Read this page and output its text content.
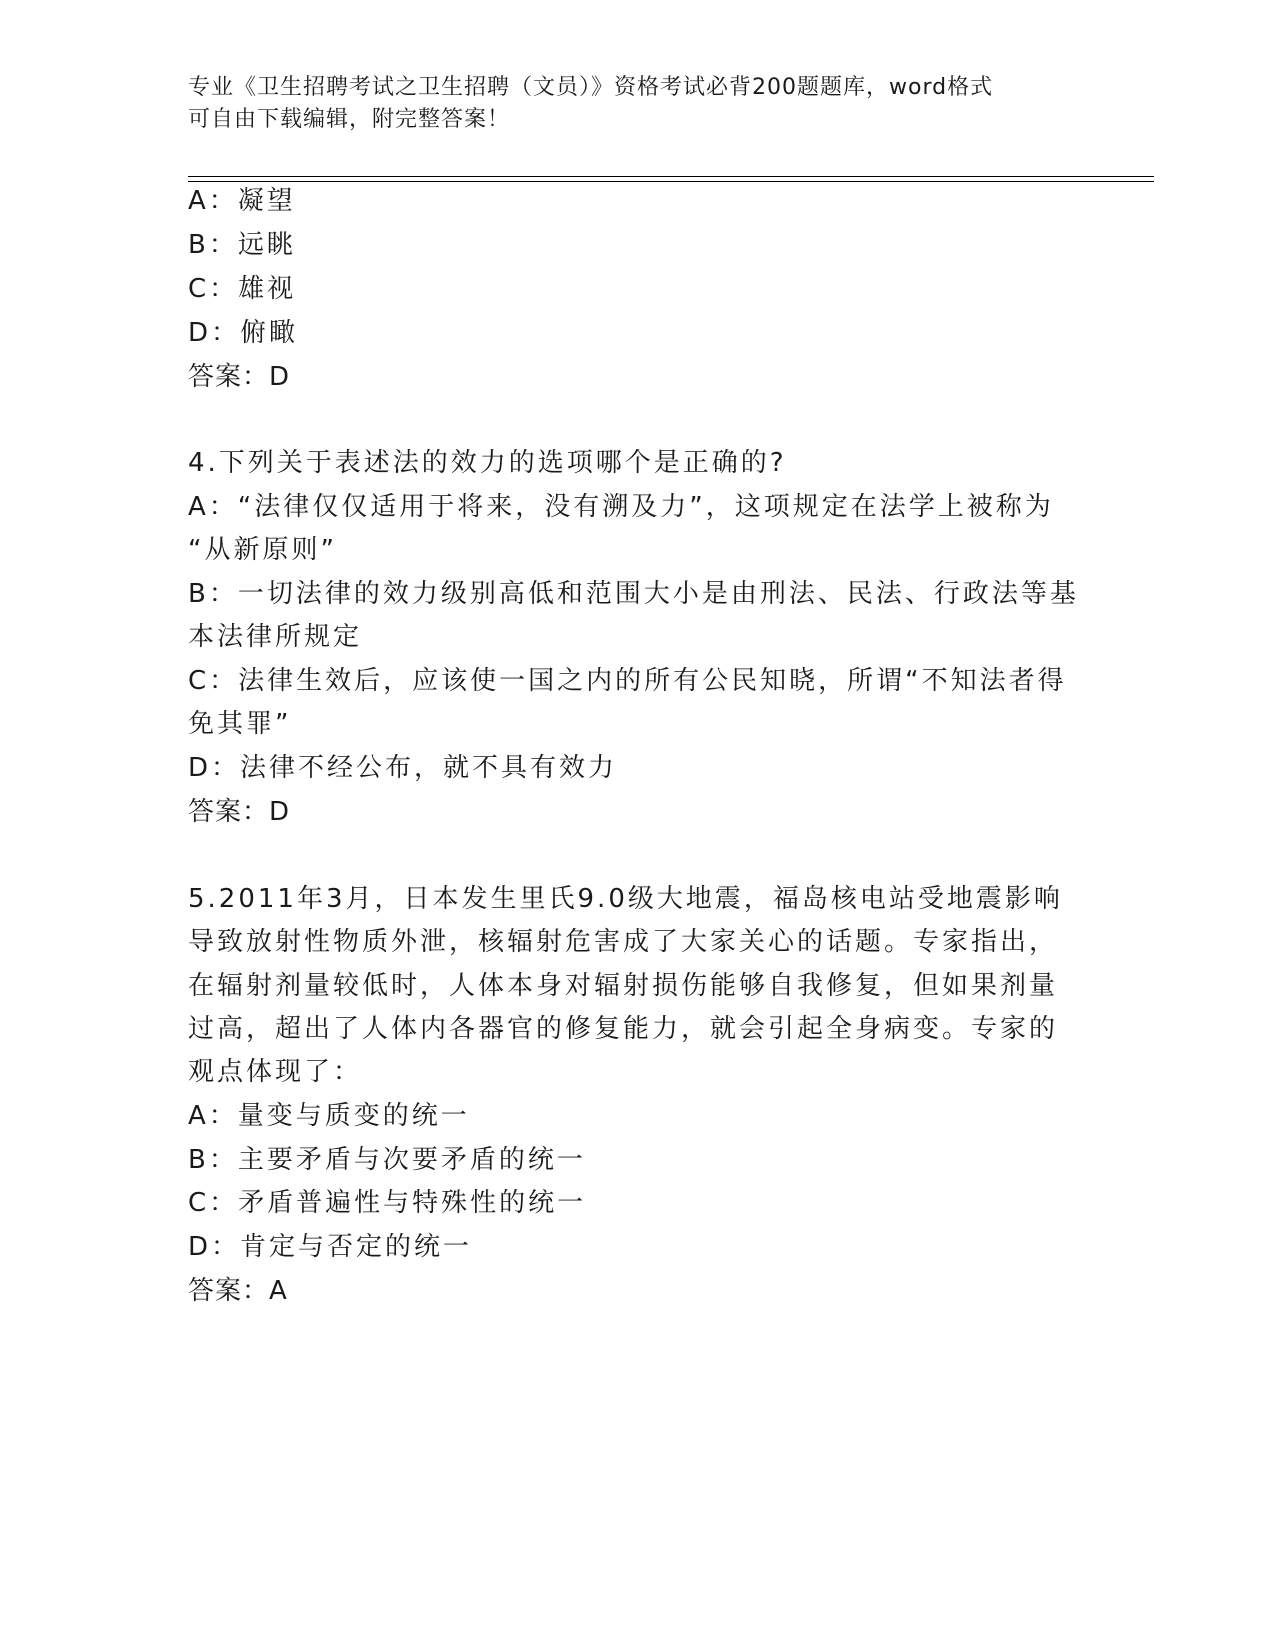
专业《卫生招聘考试之卫生招聘（文员）》资格考试必背200题题库，word格式
可自由下载编辑，附完整答案！
A：凝望
B：远眺
C：雄视
D：俯瞰
答案：D
4.下列关于表述法的效力的选项哪个是正确的?
A：“法律仅仅适用于将来，没有溯及力”，这项规定在法学上被称为
“从新原则”
B：一切法律的效力级别高低和范围大小是由刑法、民法、行政法等基
本法律所规定
C：法律生效后，应该使一国之内的所有公民知晓，所谓“不知法者得
免其罪”
D：法律不经公布，就不具有效力
答案：D
5.2011年3月，日本发生里氏9.0级大地震，福岛核电站受地震影响
导致放射性物质外泄，核辐射危害成了大家关心的话题。专家指出，
在辐射剂量较低时，人体本身对辐射损伤能够自我修复，但如果剂量
过高，超出了人体内各器官的修复能力，就会引起全身病变。专家的
观点体现了：
A：量变与质变的统一
B：主要矛盾与次要矛盾的统一
C：矛盾普遍性与特殊性的统一
D：肯定与否定的统一
答案：A
